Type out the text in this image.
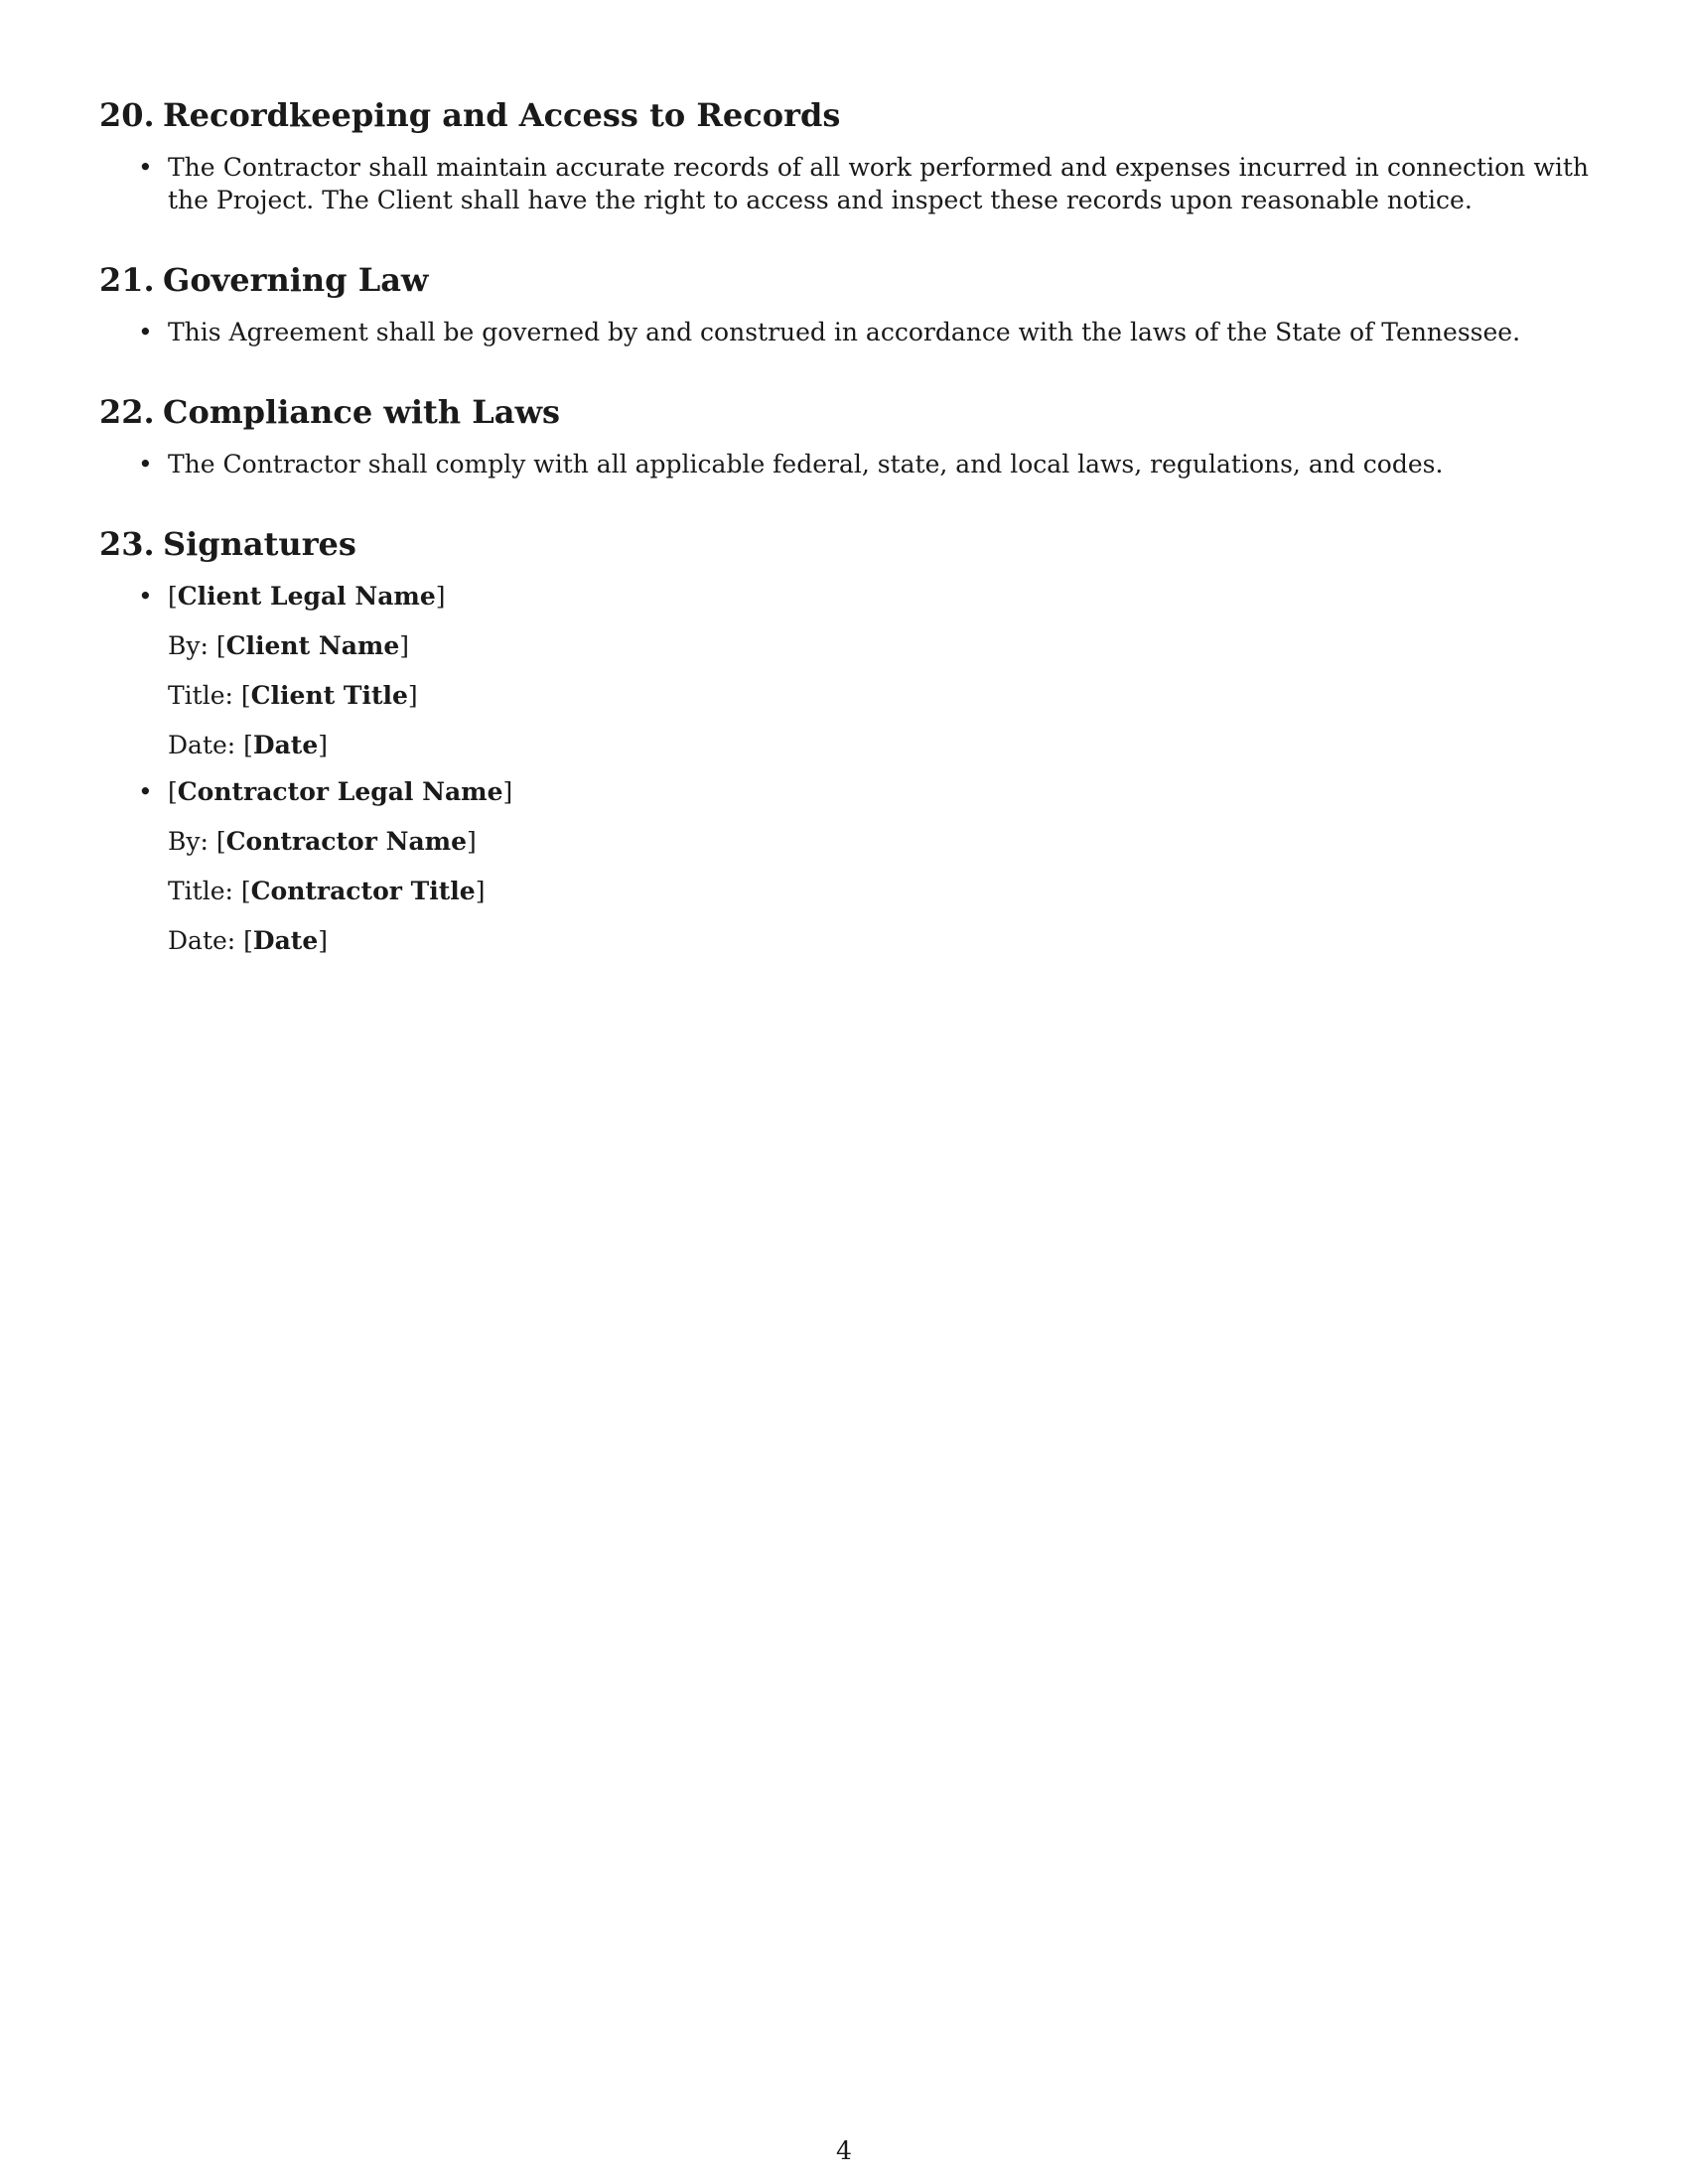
20. Recordkeeping and Access to Records
• The Contractor shall maintain accurate records of all work performed and expenses incurred in connection with the Project. The Client shall have the right to access and inspect these records upon reasonable notice.
21. Governing Law
• This Agreement shall be governed by and construed in accordance with the laws of the State of Tennessee.
22. Compliance with Laws
• The Contractor shall comply with all applicable federal, state, and local laws, regulations, and codes.
23. Signatures
• [Client Legal Name]
By: [Client Name]
Title: [Client Title]
Date: [Date]
• [Contractor Legal Name]
By: [Contractor Name]
Title: [Contractor Title]
Date: [Date]
4
